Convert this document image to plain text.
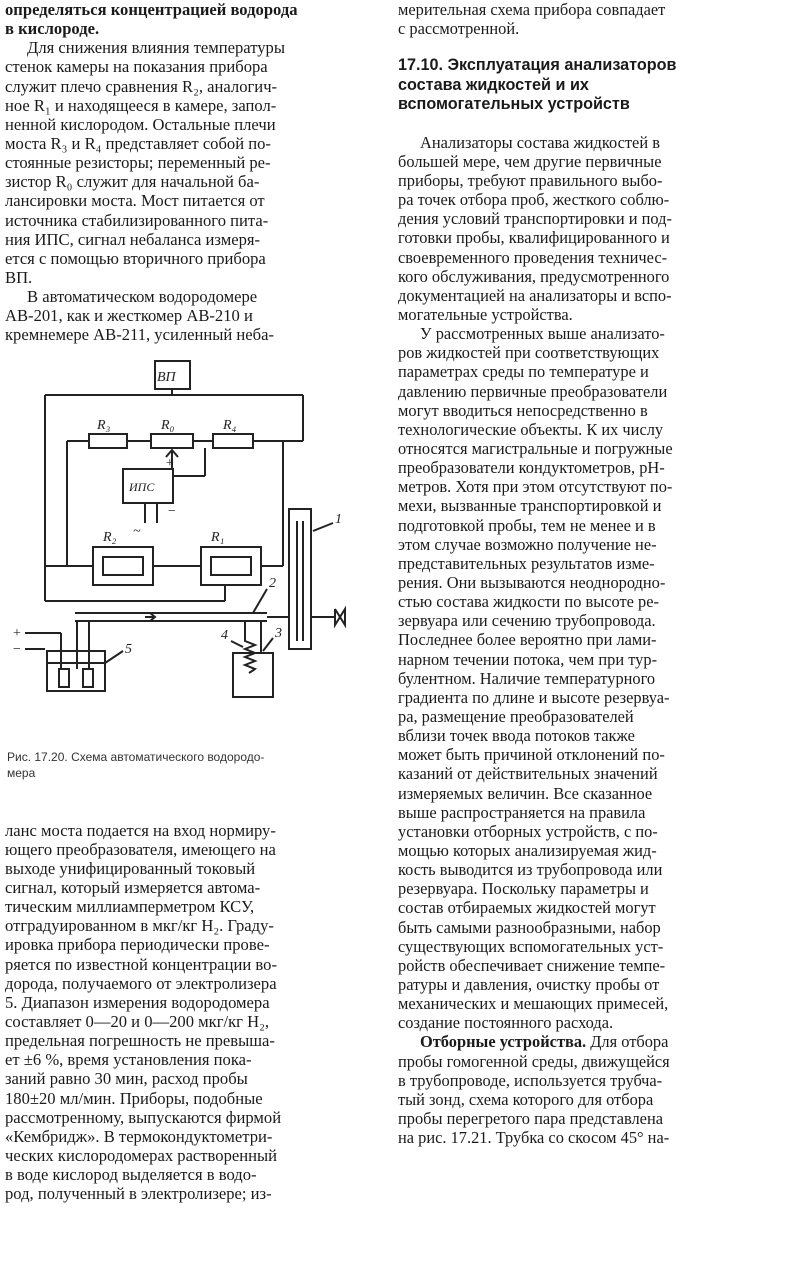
определяться концентрацией водорода
в кислороде.
Для снижения влияния температуры
стенок камеры на показания прибора
служит плечо сравнения R₂, аналогич-
ное R₁ и находящееся в камере, запол-
ненной кислородом. Остальные плечи
моста R₃ и R₄ представляет собой по-
стоянные резисторы; переменный ре-
зистор R₀ служит для начальной ба-
лансировки моста. Мост питается от
источника стабилизированного пита-
ния ИПС, сигнал небаланса измеря-
ется с помощью вторичного прибора
ВП.
В автоматическом водородомере
АВ-201, как и жесткомер АВ-210 и
кремнемере АВ-211, усиленный неба-
ВП
R₃	R₀	R₄
ИПС
+
−
~
R₂	R₁
1
2
3
4
5
+
−
Рис. 17.20. Схема автоматического водородо-
мера
ланс моста подается на вход нормиру-
ющего преобразователя, имеющего на
выходе унифицированный токовый
сигнал, который измеряется автома-
тическим миллиамперметром КСУ,
отградуированном в мкг/кг H₂. Граду-
ировка прибора периодически прове-
ряется по известной концентрации во-
дорода, получаемого от электролизера
5. Диапазон измерения водородомера
составляет 0—20 и 0—200 мкг/кг H₂,
предельная погрешность не превыша-
ет ±6 %, время установления пока-
заний равно 30 мин, расход пробы
180±20 мл/мин. Приборы, подобные
рассмотренному, выпускаются фирмой
«Кембридж». В термокондуктометри-
ческих кислородомерах растворенный
в воде кислород выделяется в водо-
род, полученный в электролизере; из-
мерительная схема прибора совпадает
с рассмотренной.
17.10. Эксплуатация анализаторов
состава жидкостей и их
вспомогательных устройств
Анализаторы состава жидкостей в
большей мере, чем другие первичные
приборы, требуют правильного выбо-
ра точек отбора проб, жесткого соблю-
дения условий транспортировки и под-
готовки пробы, квалифицированного и
своевременного проведения техничес-
кого обслуживания, предусмотренного
документацией на анализаторы и вспо-
могательные устройства.
У рассмотренных выше анализато-
ров жидкостей при соответствующих
параметрах среды по температуре и
давлению первичные преобразователи
могут вводиться непосредственно в
технологические объекты. К их числу
относятся магистральные и погружные
преобразователи кондуктометров, pH-
метров. Хотя при этом отсутствуют по-
мехи, вызванные транспортировкой и
подготовкой пробы, тем не менее и в
этом случае возможно получение не-
представительных результатов изме-
рения. Они вызываются неоднородно-
стью состава жидкости по высоте ре-
зервуара или сечению трубопровода.
Последнее более вероятно при лами-
нарном течении потока, чем при тур-
булентном. Наличие температурного
градиента по длине и высоте резервуа-
ра, размещение преобразователей
вблизи точек ввода потоков также
может быть причиной отклонений по-
казаний от действительных значений
измеряемых величин. Все сказанное
выше распространяется на правила
установки отборных устройств, с по-
мощью которых анализируемая жид-
кость выводится из трубопровода или
резервуара. Поскольку параметры и
состав отбираемых жидкостей могут
быть самыми разнообразными, набор
существующих вспомогательных уст-
ройств обеспечивает снижение темпе-
ратуры и давления, очистку пробы от
механических и мешающих примесей,
создание постоянного расхода.
Отборные устройства. Для отбора
пробы гомогенной среды, движущейся
в трубопроводе, используется трубча-
тый зонд, схема которого для отбора
пробы перегретого пара представлена
на рис. 17.21. Трубка со скосом 45° на-
